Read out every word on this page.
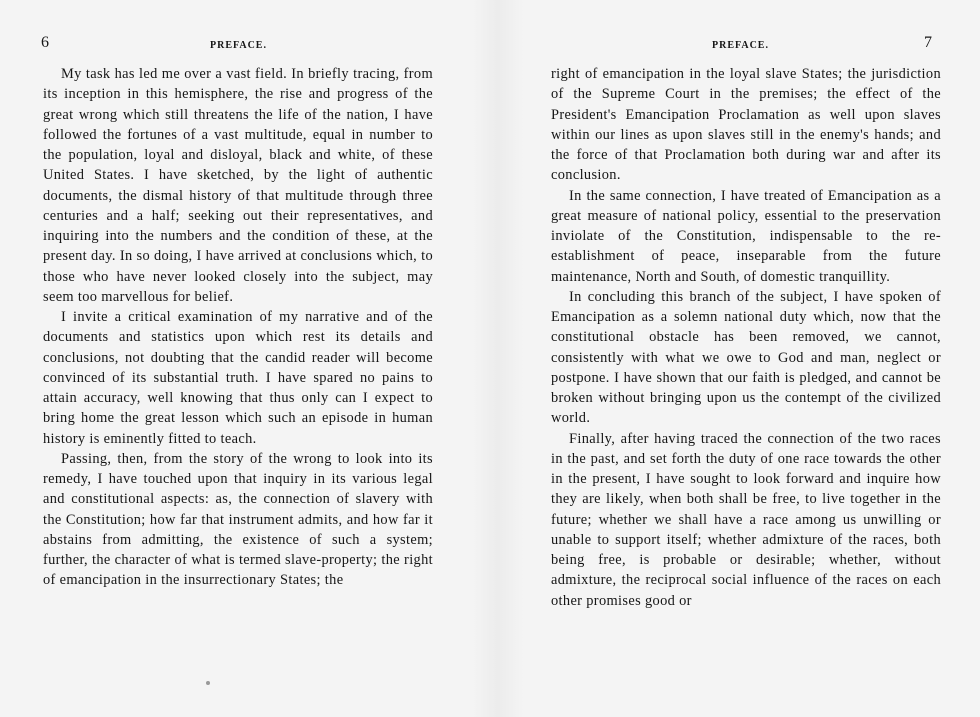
6	PREFACE.

My task has led me over a vast field. In briefly tracing, from its inception in this hemisphere, the rise and progress of the great wrong which still threatens the life of the nation, I have followed the fortunes of a vast multitude, equal in number to the population, loyal and disloyal, black and white, of these United States. I have sketched, by the light of authentic documents, the dismal history of that multitude through three centuries and a half; seeking out their representatives, and inquiring into the numbers and the condition of these, at the present day. In so doing, I have arrived at conclusions which, to those who have never looked closely into the subject, may seem too marvellous for belief.

I invite a critical examination of my narrative and of the documents and statistics upon which rest its details and conclusions, not doubting that the candid reader will become convinced of its substantial truth. I have spared no pains to attain accuracy, well knowing that thus only can I expect to bring home the great lesson which such an episode in human history is eminently fitted to teach.

Passing, then, from the story of the wrong to look into its remedy, I have touched upon that inquiry in its various legal and constitutional aspects: as, the connection of slavery with the Constitution; how far that instrument admits, and how far it abstains from admitting, the existence of such a system; further, the character of what is termed slave-property; the right of emancipation in the insurrectionary States; the

PREFACE.	7

right of emancipation in the loyal slave States; the jurisdiction of the Supreme Court in the premises; the effect of the President's Emancipation Proclamation as well upon slaves within our lines as upon slaves still in the enemy's hands; and the force of that Proclamation both during war and after its conclusion.

In the same connection, I have treated of Emancipation as a great measure of national policy, essential to the preservation inviolate of the Constitution, indispensable to the re-establishment of peace, inseparable from the future maintenance, North and South, of domestic tranquillity.

In concluding this branch of the subject, I have spoken of Emancipation as a solemn national duty which, now that the constitutional obstacle has been removed, we cannot, consistently with what we owe to God and man, neglect or postpone. I have shown that our faith is pledged, and cannot be broken without bringing upon us the contempt of the civilized world.

Finally, after having traced the connection of the two races in the past, and set forth the duty of one race towards the other in the present, I have sought to look forward and inquire how they are likely, when both shall be free, to live together in the future; whether we shall have a race among us unwilling or unable to support itself; whether admixture of the races, both being free, is probable or desirable; whether, without admixture, the reciprocal social influence of the races on each other promises good or
